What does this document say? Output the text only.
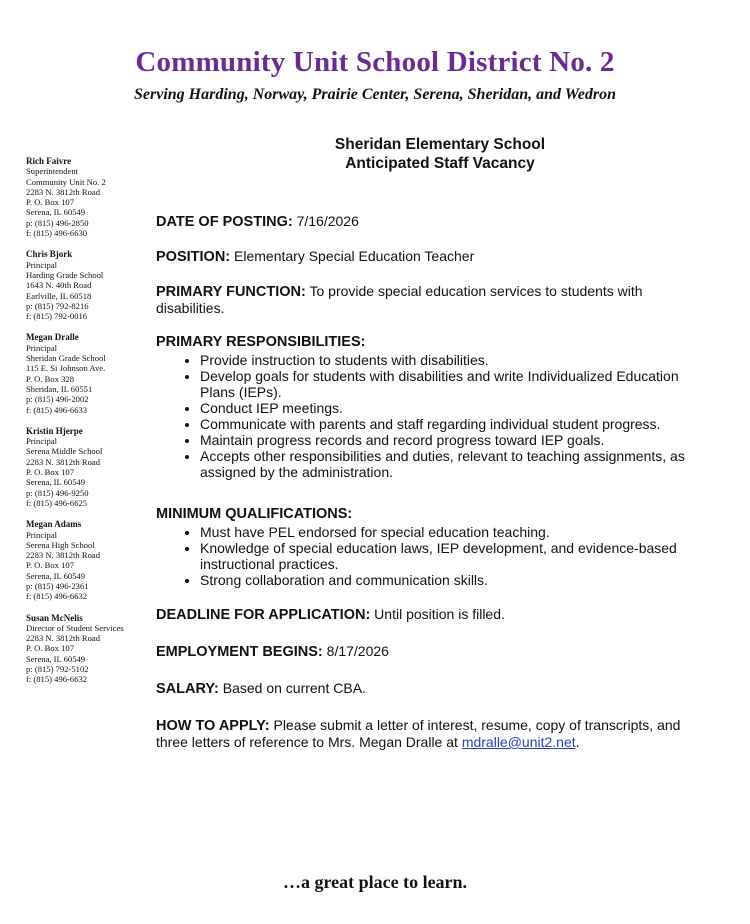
Community Unit School District No. 2
Serving Harding, Norway, Prairie Center, Serena, Sheridan, and Wedron
Rich Faivre
Superintendent
Community Unit No. 2
2283 N. 3812th Road
P. O. Box 107
Serena, IL 60549
p: (815) 496-2850
f: (815) 496-6630
Chris Bjork
Principal
Harding Grade School
1643 N. 40th Road
Earlville, IL 60518
p: (815) 792-8216
f: (815) 792-0016
Megan Dralle
Principal
Sheridan Grade School
115 E. Si Johnson Ave.
P. O. Box 328
Sheridan, IL 60551
p: (815) 496-2002
f: (815) 496-6633
Kristin Hjerpe
Principal
Serena Middle School
2283 N. 3812th Road
P. O. Box 107
Serena, IL 60549
p: (815) 496-9250
f: (815) 496-6625
Megan Adams
Principal
Serena High School
2283 N. 3812th Road
P. O. Box 107
Serena, IL 60549
p: (815) 496-2361
f: (815) 496-6632
Susan McNelis
Director of Student Services
2283 N. 3812th Road
P. O. Box 107
Serena, IL 60549
p: (815) 792-5102
f: (815) 496-6632
Sheridan Elementary School
Anticipated Staff Vacancy
DATE OF POSTING: 7/16/2026
POSITION: Elementary Special Education Teacher
PRIMARY FUNCTION: To provide special education services to students with disabilities.
PRIMARY RESPONSIBILITIES:
• Provide instruction to students with disabilities.
• Develop goals for students with disabilities and write Individualized Education Plans (IEPs).
• Conduct IEP meetings.
• Communicate with parents and staff regarding individual student progress.
• Maintain progress records and record progress toward IEP goals.
• Accepts other responsibilities and duties, relevant to teaching assignments, as assigned by the administration.
MINIMUM QUALIFICATIONS:
• Must have PEL endorsed for special education teaching.
• Knowledge of special education laws, IEP development, and evidence-based instructional practices.
• Strong collaboration and communication skills.
DEADLINE FOR APPLICATION: Until position is filled.
EMPLOYMENT BEGINS: 8/17/2026
SALARY: Based on current CBA.
HOW TO APPLY: Please submit a letter of interest, resume, copy of transcripts, and three letters of reference to Mrs. Megan Dralle at mdralle@unit2.net.
…a great place to learn.
